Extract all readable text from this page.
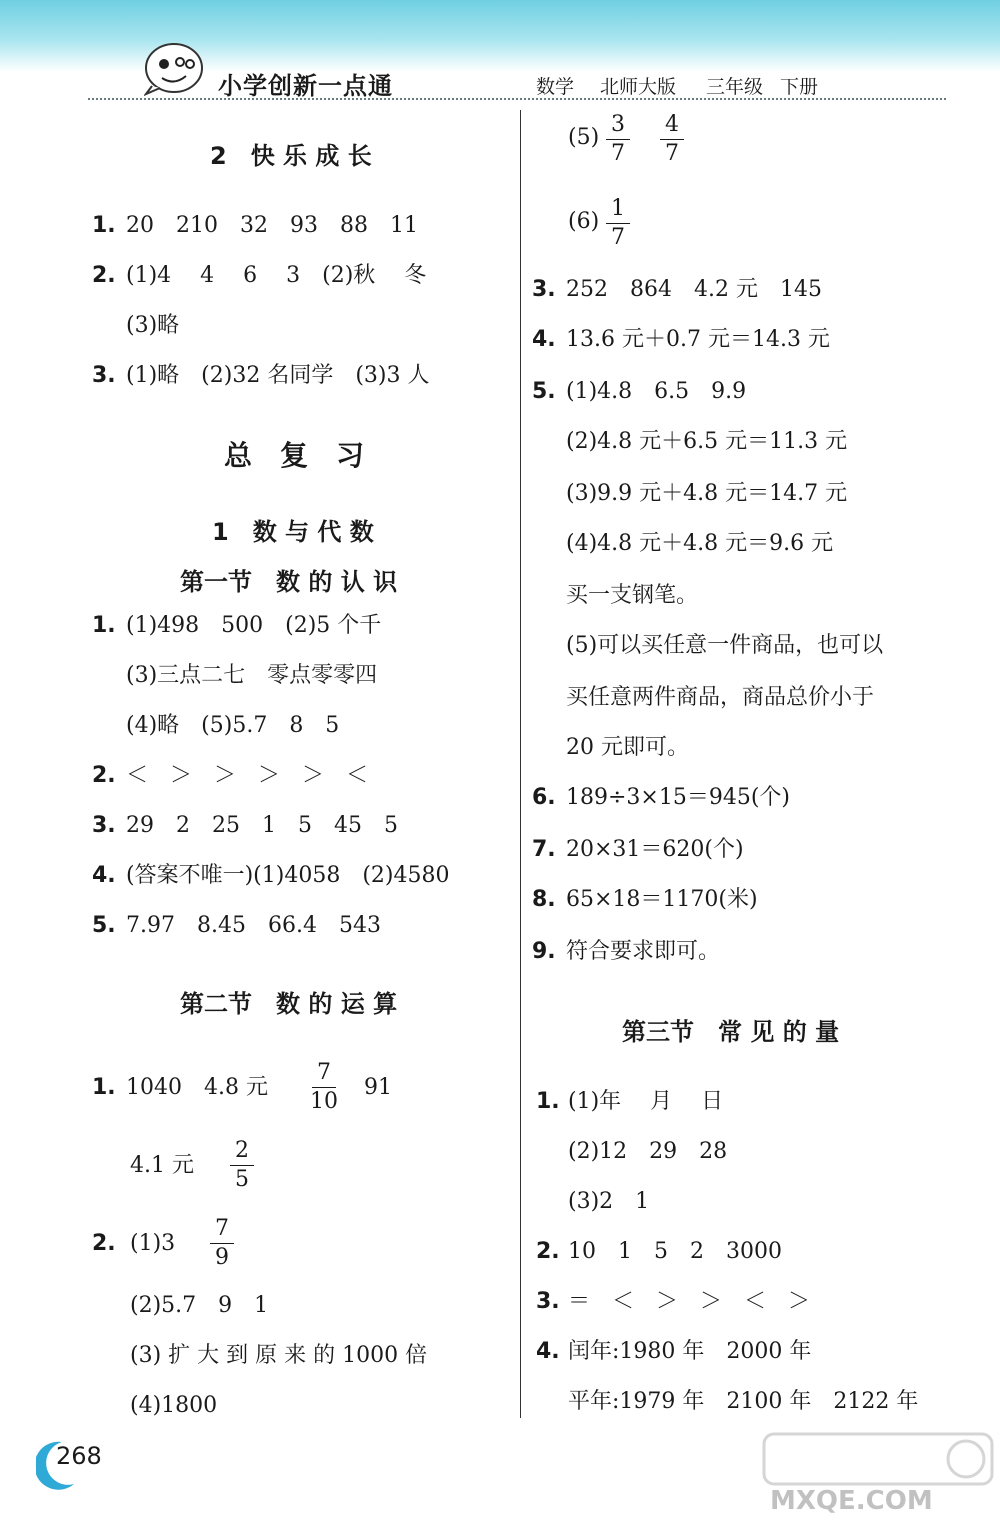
小学创新一点通	数学 北师大版 三年级 下册
2　快 乐 成 长
1. 20　210　32　93　88　11
2. (1)4　 4　 6　 3　(2)秋　 冬
(3)略
3. (1)略　(2)32 名同学　(3)3 人
总　复　习
1　数 与 代 数
第一节　数 的 认 识
1. (1)498　500　(2)5 个千
(3)三点二七　零点零零四
(4)略　(5)5.7　8　5
2. ＜　＞　＞　＞　＞　＜
3. 29　2　25　1　5　45　5
4. (答案不唯一)(1)4058　(2)4580
5. 7.97　8.45　66.4　543
第二节　数 的 运 算
1. 1040　4.8 元
7
10
91
4.1 元
2
5
2. (1)3
7
9
(2)5.7　9　1
(3) 扩 大 到 原 来 的 1000 倍
(4)1800
(5)
3
7
4
7
(6)
1
7
3. 252　864　4.2 元　145
4. 13.6 元＋0.7 元＝14.3 元
5. (1)4.8　6.5　9.9
(2)4.8 元＋6.5 元＝11.3 元
(3)9.9 元＋4.8 元＝14.7 元
(4)4.8 元＋4.8 元＝9.6 元
买一支钢笔。
(5)可以买任意一件商品，也可以
买任意两件商品，商品总价小于
20 元即可。
6. 189÷3×15＝945(个)
7. 20×31＝620(个)
8. 65×18＝1170(米)
9. 符合要求即可。
第三节　常 见 的 量
1. (1)年　 月　 日
(2)12　29　28
(3)2　1
2. 10　1　5　2　3000
3. ＝　＜　＞　＞　＜　＞
4. 闰年:1980 年　2000 年
平年:1979 年　2100 年　2122 年
268
MXQE.COM
